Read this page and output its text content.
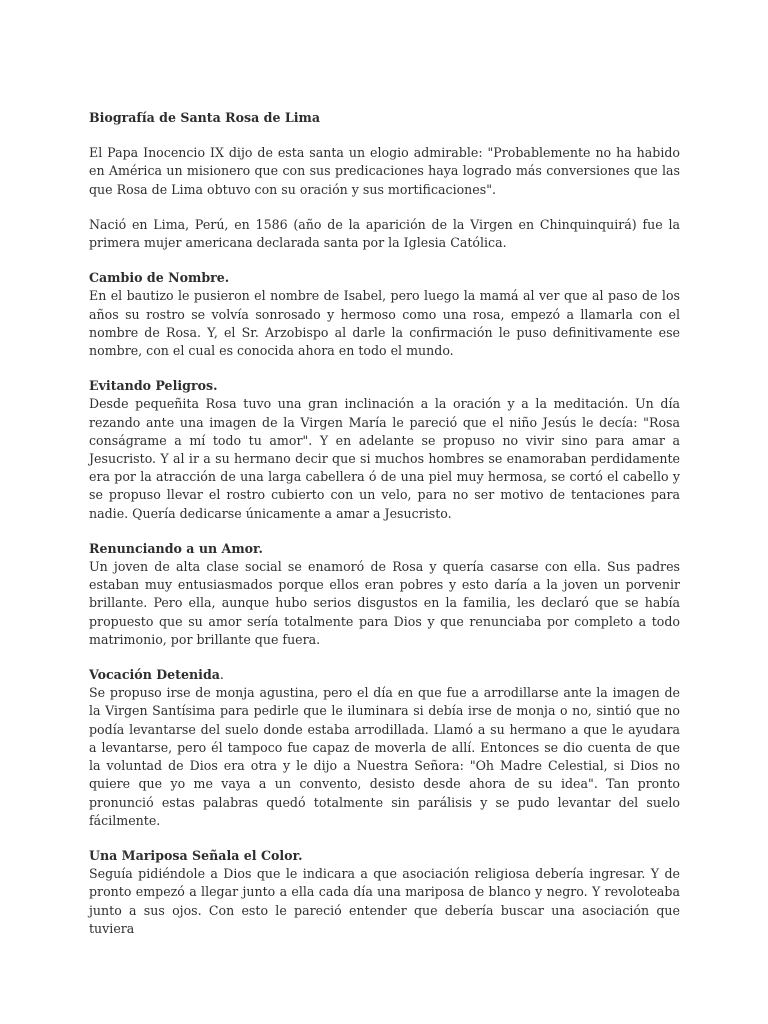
Biografía de Santa Rosa de Lima

El Papa Inocencio IX dijo de esta santa un elogio admirable: "Probablemente no ha habido en América un misionero que con sus predicaciones haya logrado más conversiones que las que Rosa de Lima obtuvo con su oración y sus mortificaciones".

Nació en Lima, Perú, en 1586 (año de la aparición de la Virgen en Chinquinquirá) fue la primera mujer americana declarada santa por la Iglesia Católica.

Cambio de Nombre.

En el bautizo le pusieron el nombre de Isabel, pero luego la mamá al ver que al paso de los años su rostro se volvía sonrosado y hermoso como una rosa, empezó a llamarla con el nombre de Rosa. Y, el Sr. Arzobispo al darle la confirmación le puso definitivamente ese nombre, con el cual es conocida ahora en todo el mundo.

Evitando Peligros.

Desde pequeñita Rosa tuvo una gran inclinación a la oración y a la meditación. Un día rezando ante una imagen de la Virgen María le pareció que el niño Jesús le decía: "Rosa conságrame a mí todo tu amor". Y en adelante se propuso no vivir sino para amar a Jesucristo. Y al ir a su hermano decir que si muchos hombres se enamoraban perdidamente era por la atracción de una larga cabellera ó de una piel muy hermosa, se cortó el cabello y se propuso llevar el rostro cubierto con un velo, para no ser motivo de tentaciones para nadie. Quería dedicarse únicamente a amar a Jesucristo.

Renunciando a un Amor.

Un joven de alta clase social se enamoró de Rosa y quería casarse con ella. Sus padres estaban muy entusiasmados porque ellos eran pobres y esto daría a la joven un porvenir brillante. Pero ella, aunque hubo serios disgustos en la familia, les declaró que se había propuesto que su amor sería totalmente para Dios y que renunciaba por completo a todo matrimonio, por brillante que fuera.

Vocación Detenida.

Se propuso irse de monja agustina, pero el día en que fue a arrodillarse ante la imagen de la Virgen Santísima para pedirle que le iluminara si debía irse de monja o no, sintió que no podía levantarse del suelo donde estaba arrodillada. Llamó a su hermano a que le ayudara a levantarse, pero él tampoco fue capaz de moverla de allí. Entonces se dio cuenta de que la voluntad de Dios era otra y le dijo a Nuestra Señora: "Oh Madre Celestial, si Dios no quiere que yo me vaya a un convento, desisto desde ahora de su idea". Tan pronto pronunció estas palabras quedó totalmente sin parálisis y se pudo levantar del suelo fácilmente.

Una Mariposa Señala el Color.

Seguía pidiéndole a Dios que le indicara a que asociación religiosa debería ingresar. Y de pronto empezó a llegar junto a ella cada día una mariposa de blanco y negro. Y revoloteaba junto a sus ojos. Con esto le pareció entender que debería buscar una asociación que tuviera
